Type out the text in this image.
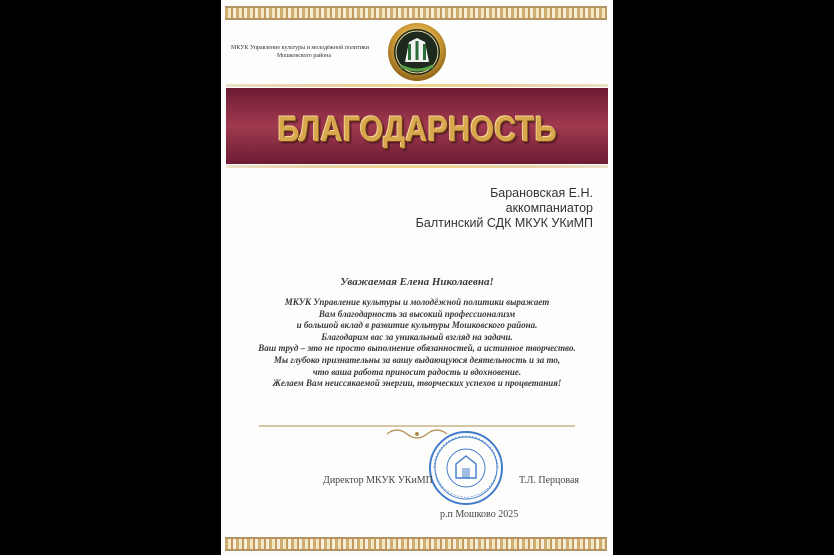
МКУК Управление культуры и молодёжной политики
Мошковского района
БЛАГОДАРНОСТЬ
Барановская Е.Н.
аккомпаниатор
Балтинский СДК МКУК УКиМП
Уважаемая Елена Николаевна!
МКУК Управление культуры и молодёжной политики выражает
Вам благодарность за высокий профессионализм
и большой вклад в развитие культуры Мошковского района.
Благодарим вас за уникальный взгляд на задачи.
Ваш труд – это не просто выполнение обязанностей, а истинное творчество.
Мы глубоко признательны за вашу выдающуюся деятельность и за то,
что ваша работа приносит радость и вдохновение.
Желаем Вам неиссякаемой энергии, творческих успехов и процветания!
Директор МКУК УКиМП	Т.Л. Перцовая
р.п Мошково 2025
